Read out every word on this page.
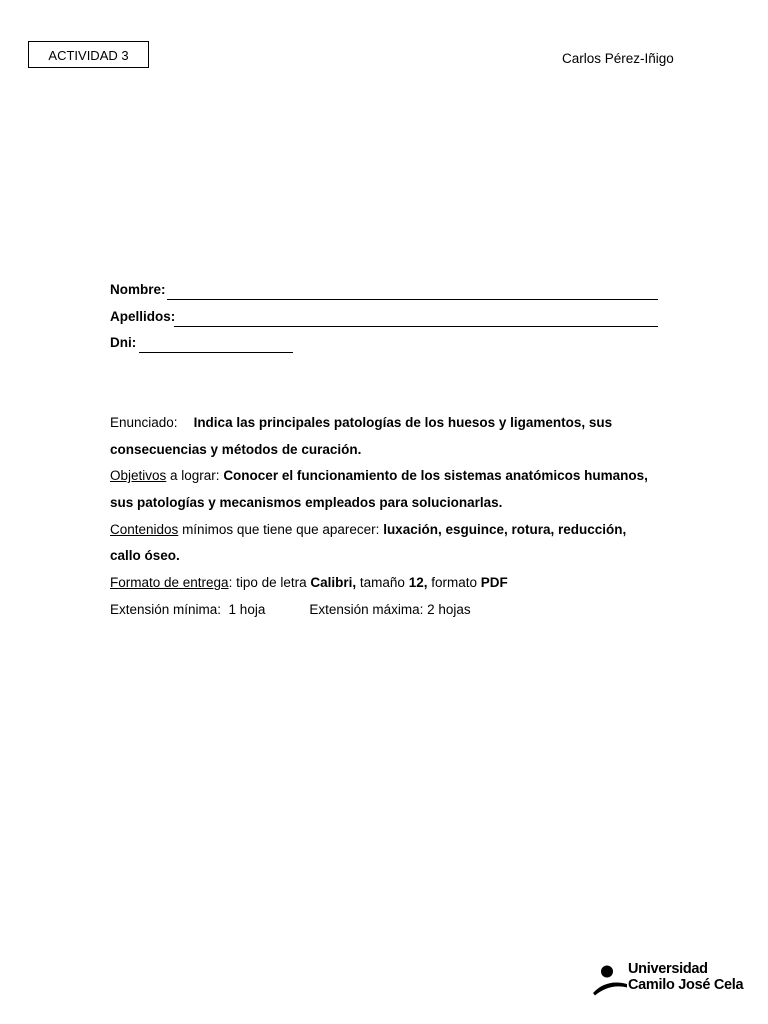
ACTIVIDAD 3	Carlos Pérez-Iñigo
Nombre:
Apellidos:
Dni:
Enunciado: Indica las principales patologías de los huesos y ligamentos, sus
consecuencias y métodos de curación.
Objetivos a lograr: Conocer el funcionamiento de los sistemas anatómicos humanos,
sus patologías y mecanismos empleados para solucionarlas.
Contenidos mínimos que tiene que aparecer: luxación, esguince, rotura, reducción,
callo óseo.
Formato de entrega: tipo de letra Calibri, tamaño 12, formato PDF
Extensión mínima:  1 hoja	Extensión máxima: 2 hojas
Universidad
Camilo José Cela
